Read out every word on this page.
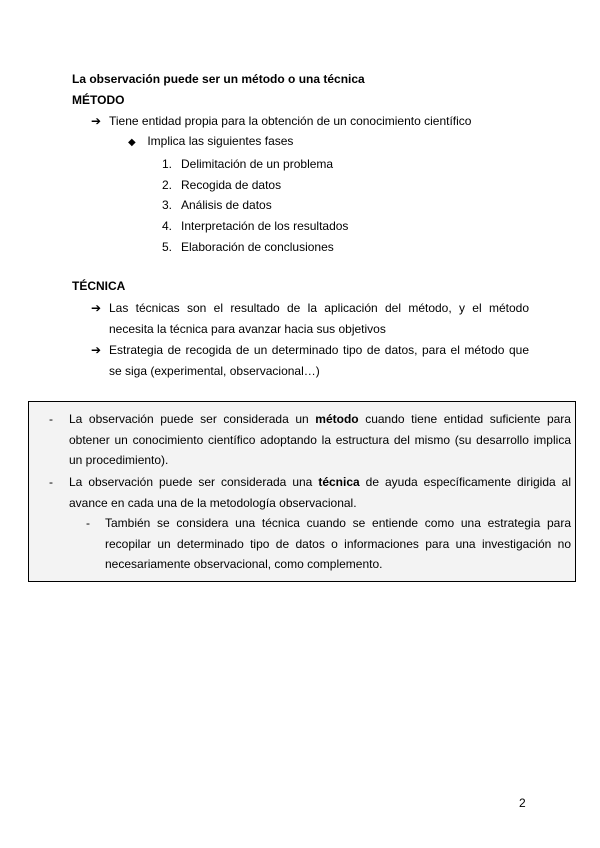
La observación puede ser un método o una técnica
MÉTODO
➔ Tiene entidad propia para la obtención de un conocimiento científico
◆ Implica las siguientes fases
1. Delimitación de un problema
2. Recogida de datos
3. Análisis de datos
4. Interpretación de los resultados
5. Elaboración de conclusiones
TÉCNICA
➔ Las técnicas son el resultado de la aplicación del método, y el método necesita la técnica para avanzar hacia sus objetivos
➔ Estrategia de recogida de un determinado tipo de datos, para el método que se siga (experimental, observacional…)
- La observación puede ser considerada un método cuando tiene entidad suficiente para obtener un conocimiento científico adoptando la estructura del mismo (su desarrollo implica un procedimiento).
- La observación puede ser considerada una técnica de ayuda específicamente dirigida al avance en cada una de la metodología observacional.
- También se considera una técnica cuando se entiende como una estrategia para recopilar un determinado tipo de datos o informaciones para una investigación no necesariamente observacional, como complemento.
2
